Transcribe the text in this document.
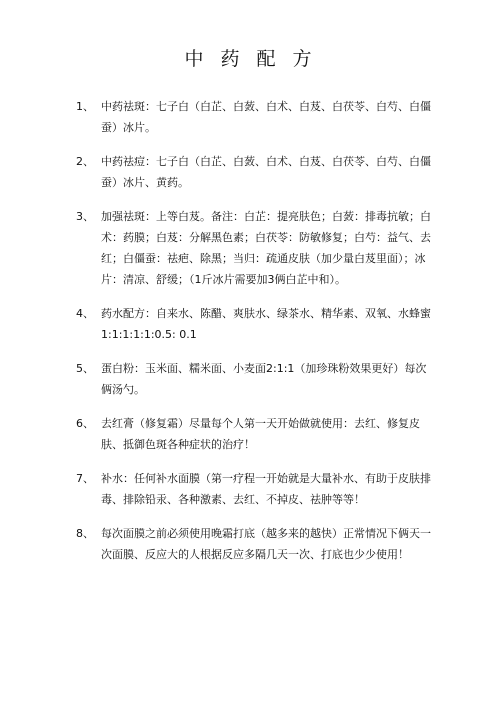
中药配方
1、 中药祛斑：七子白（白芷、白蔹、白术、白芨、白茯苓、白芍、白僵蚕）冰片。
2、 中药祛痘：七子白（白芷、白蔹、白术、白芨、白茯苓、白芍、白僵蚕）冰片、黄药。
3、 加强祛斑：上等白芨。备注：白芷：提亮肤色；白蔹：排毒抗敏；白术：药膜；白芨：分解黑色素；白茯苓：防敏修复；白芍：益气、去红；白僵蚕：祛疤、除黑；当归：疏通皮肤（加少量白芨里面）；冰片：清凉、舒缓；（1斤冰片需要加3俩白芷中和）。
4、 药水配方：自来水、陈醋、爽肤水、绿茶水、精华素、双氧、水蜂蜜1:1:1:1:1:0.5: 0.1
5、 蛋白粉：玉米面、糯米面、小麦面2:1:1（加珍珠粉效果更好）每次俩汤勺。
6、 去红膏（修复霜）尽量每个人第一天开始做就使用：去红、修复皮肤、抵御色斑各种症状的治疗！
7、 补水：任何补水面膜（第一疗程一开始就是大量补水、有助于皮肤排毒、排除铅汞、各种激素、去红、不掉皮、祛肿等等！
8、 每次面膜之前必须使用晚霜打底（越多来的越快）正常情况下俩天一次面膜、反应大的人根据反应多隔几天一次、打底也少少使用！
